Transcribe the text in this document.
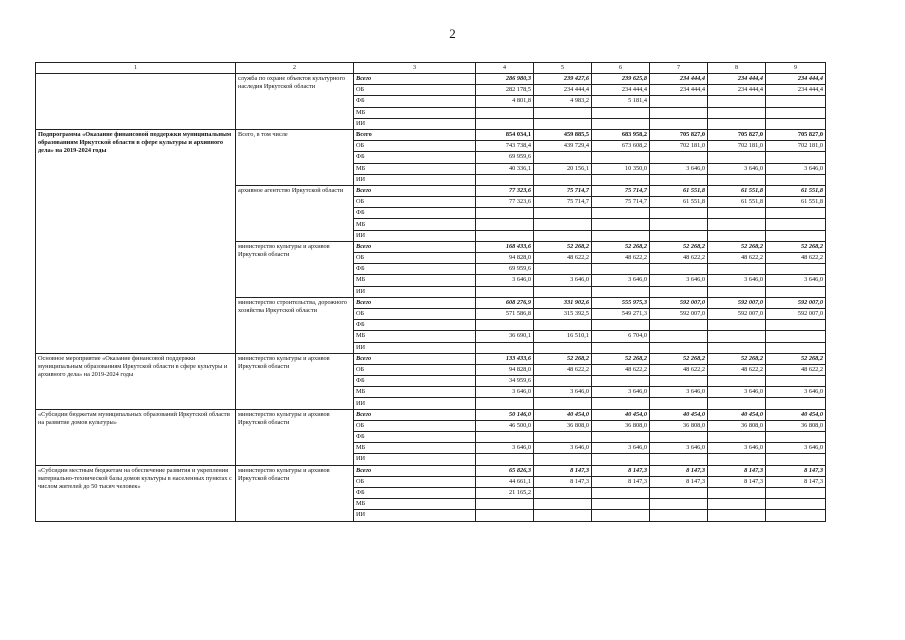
2
1	2	3	4	5	6	7	8	9
	служба по охране объектов культурного наследия Иркутской области	Всего	286 980,3	239 427,6	239 625,8	234 444,4	234 444,4	234 444,4
		ОБ	282 178,5	234 444,4	234 444,4	234 444,4	234 444,4	234 444,4
		ФБ	4 801,8	4 983,2	5 181,4			
		МБ						
		ИИ						
Подпрограмма «Оказание финансовой поддержки муниципальным образованиям Иркутской области в сфере культуры и архивного дела» на 2019-2024 годы	Всего, в том числе	Всего	854 034,1	459 885,5	683 958,2	705 827,0	705 827,0	705 827,0
		ОБ	743 738,4	439 729,4	673 608,2	702 181,0	702 181,0	702 181,0
		ФБ	69 959,6					
		МБ	40 336,1	20 156,1	10 350,0	3 646,0	3 646,0	3 646,0
		ИИ						
	архивное агентство Иркутской области	Всего	77 323,6	75 714,7	75 714,7	61 551,8	61 551,8	61 551,8
		ОБ	77 323,6	75 714,7	75 714,7	61 551,8	61 551,8	61 551,8
		ФБ						
		МБ						
		ИИ						
	министерство культуры и архивов Иркутской области	Всего	168 433,6	52 268,2	52 268,2	52 268,2	52 268,2	52 268,2
		ОБ	94 828,0	48 622,2	48 622,2	48 622,2	48 622,2	48 622,2
		ФБ	69 959,6					
		МБ	3 646,0	3 646,0	3 646,0	3 646,0	3 646,0	3 646,0
		ИИ						
	министерство строительства, дорожного хозяйства Иркутской области	Всего	608 276,9	331 902,6	555 975,3	592 007,0	592 007,0	592 007,0
		ОБ	571 586,8	315 392,5	549 271,3	592 007,0	592 007,0	592 007,0
		ФБ						
		МБ	36 690,1	16 510,1	6 704,0			
		ИИ						
Основное мероприятие «Оказание финансовой поддержки муниципальным образованиям Иркутской области в сфере культуры и архивного дела» на 2019-2024 годы	министерство культуры и архивов Иркутской области	Всего	133 433,6	52 268,2	52 268,2	52 268,2	52 268,2	52 268,2
		ОБ	94 828,0	48 622,2	48 622,2	48 622,2	48 622,2	48 622,2
		ФБ	34 959,6					
		МБ	3 646,0	3 646,0	3 646,0	3 646,0	3 646,0	3 646,0
		ИИ						
«Субсидии бюджетам муниципальных образований Иркутской области на развитие домов культуры»	министерство культуры и архивов Иркутской области	Всего	50 146,0	40 454,0	40 454,0	40 454,0	40 454,0	40 454,0
		ОБ	46 500,0	36 808,0	36 808,0	36 808,0	36 808,0	36 808,0
		ФБ						
		МБ	3 646,0	3 646,0	3 646,0	3 646,0	3 646,0	3 646,0
		ИИ						
«Субсидии местным бюджетам на обеспечение развития и укрепления материально-технической базы домов культуры в населенных пунктах с числом жителей до 50 тысяч человек»	министерство культуры и архивов Иркутской области	Всего	65 826,3	8 147,3	8 147,3	8 147,3	8 147,3	8 147,3
		ОБ	44 661,1	8 147,3	8 147,3	8 147,3	8 147,3	8 147,3
		ФБ	21 165,2					
		МБ						
		ИИ						
